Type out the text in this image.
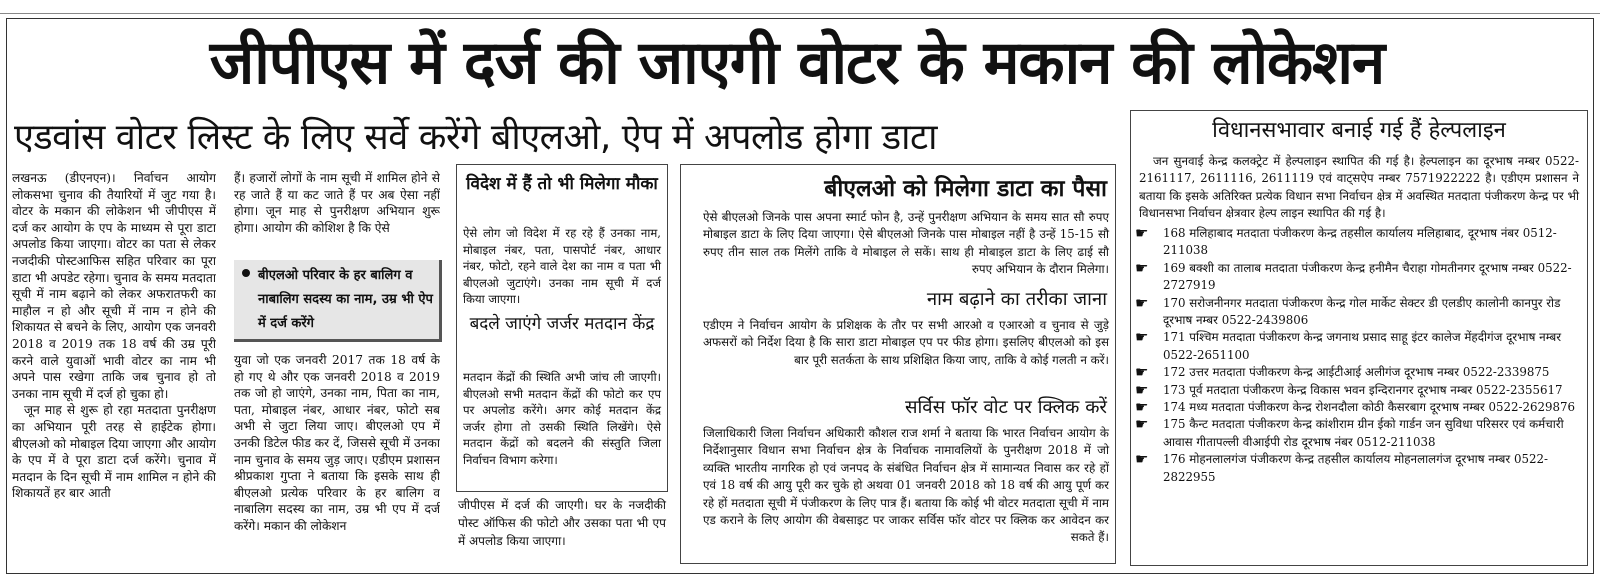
जीपीएस में दर्ज की जाएगी वोटर के मकान की लोकेशन
एडवांस वोटर लिस्ट के लिए सर्वे करेंगे बीएलओ, ऐप में अपलोड होगा डाटा

लखनऊ (डीएनएन)। निर्वाचन आयोग लोकसभा चुनाव की तैयारियों में जुट गया है। वोटर के मकान की लोकेशन भी जीपीएस में दर्ज कर आयोग के एप के माध्यम से पूरा डाटा अपलोड किया जाएगा। वोटर का पता से लेकर नजदीकी पोस्टआफिस सहित परिवार का पूरा डाटा भी अपडेट रहेगा। चुनाव के समय मतदाता सूची में नाम बढ़ाने को लेकर अफरातफरी का माहौल न हो और सूची में नाम न होने की शिकायत से बचने के लिए, आयोग एक जनवरी 2018 व 2019 तक 18 वर्ष की उम्र पूरी करने वाले युवाओं भावी वोटर का नाम भी अपने पास रखेगा ताकि जब चुनाव हो तो उनका नाम सूची में दर्ज हो चुका हो।

जून माह से शुरू हो रहा मतदाता पुनरीक्षण का अभियान पूरी तरह से हाईटेक होगा। बीएलओ को मोबाइल दिया जाएगा और आयोग के एप में वे पूरा डाटा दर्ज करेंगे। चुनाव में मतदान के दिन सूची में नाम शामिल न होने की शिकायतें हर बार आती

हैं। हजारों लोगों के नाम सूची में शामिल होने से रह जाते हैं या कट जाते हैं पर अब ऐसा नहीं होगा। जून माह से पुनरीक्षण अभियान शुरू होगा। आयोग की कोशिश है कि ऐसे

युवा जो एक जनवरी 2017 तक 18 वर्ष के हो गए थे और एक जनवरी 2018 व 2019 तक जो हो जाएंगे, उनका नाम, पिता का नाम, पता, मोबाइल नंबर, आधार नंबर, फोटो सब अभी से जुटा लिया जाए। बीएलओ एप में उनकी डिटेल फीड कर दें, जिससे सूची में उनका नाम चुनाव के समय जुड़ जाए। एडीएम प्रशासन श्रीप्रकाश गुप्ता ने बताया कि इसके साथ ही बीएलओ प्रत्येक परिवार के हर बालिग व नाबालिग सदस्य का नाम, उम्र भी एप में दर्ज करेंगे। मकान की लोकेशन

बीएलओ परिवार के हर बालिग व नाबालिग सदस्य का नाम, उम्र भी ऐप में दर्ज करेंगे
विदेश में हैं तो भी मिलेगा मौका
ऐसे लोग जो विदेश में रह रहे हैं उनका नाम, मोबाइल नंबर, पता, पासपोर्ट नंबर, आधार नंबर, फोटो, रहने वाले देश का नाम व पता भी बीएलओ जुटाएंगे। उनका नाम सूची में दर्ज किया जाएगा।
बदले जाएंगे जर्जर मतदान केंद्र
मतदान केंद्रों की स्थिति अभी जांच ली जाएगी। बीएलओ सभी मतदान केंद्रों की फोटो कर एप पर अपलोड करेंगे। अगर कोई मतदान केंद्र जर्जर होगा तो उसकी स्थिति लिखेंगे। ऐसे मतदान केंद्रों को बदलने की संस्तुति जिला निर्वाचन विभाग करेगा।
जीपीएस में दर्ज की जाएगी। घर के नजदीकी पोस्ट ऑफिस की फोटो और उसका पता भी एप में अपलोड किया जाएगा।
बीएलओ को मिलेगा डाटा का पैसा
ऐसे बीएलओ जिनके पास अपना स्मार्ट फोन है, उन्हें पुनरीक्षण अभियान के समय सात सौ रुपए मोबाइल डाटा के लिए दिया जाएगा। ऐसे बीएलओ जिनके पास मोबाइल नहीं है उन्हें 15-15 सौ रुपए तीन साल तक मिलेंगे ताकि वे मोबाइल ले सकें। साथ ही मोबाइल डाटा के लिए ढाई सौ रुपए अभियान के दौरान मिलेगा।
नाम बढ़ाने का तरीका जाना
एडीएम ने निर्वाचन आयोग के प्रशिक्षक के तौर पर सभी आरओ व एआरओ व चुनाव से जुड़े अफसरों को निर्देश दिया है कि सारा डाटा मोबाइल एप पर फीड होगा। इसलिए बीएलओ को इस बार पूरी सतर्कता के साथ प्रशिक्षित किया जाए, ताकि वे कोई गलती न करें।
सर्विस फॉर वोट पर क्लिक करें
जिलाधिकारी जिला निर्वाचन अधिकारी कौशल राज शर्मा ने बताया कि भारत निर्वाचन आयोग के निर्देशानुसार विधान सभा निर्वाचन क्षेत्र के निर्वाचक नामावलियों के पुनरीक्षण 2018 में जो व्यक्ति भारतीय नागरिक हो एवं जनपद के संबंधित निर्वाचन क्षेत्र में सामान्यत निवास कर रहे हों एवं 18 वर्ष की आयु पूरी कर चुके हो अथवा 01 जनवरी 2018 को 18 वर्ष की आयु पूर्ण कर रहे हों मतदाता सूची में पंजीकरण के लिए पात्र हैं। बताया कि कोई भी वोटर मतदाता सूची में नाम एड कराने के लिए आयोग की वेबसाइट पर जाकर सर्विस फॉर वोटर पर क्लिक कर आवेदन कर सकते हैं।
विधानसभावार बनाई गई हैं हेल्पलाइन
जन सुनवाई केन्द्र कलक्ट्रेट में हेल्पलाइन स्थापित की गई है। हेल्पलाइन का दूरभाष नम्बर 0522-2161117, 2611116, 2611119 एवं वाट्सऐप नम्बर 7571922222 है। एडीएम प्रशासन ने बताया कि इसके अतिरिक्त प्रत्येक विधान सभा निर्वाचन क्षेत्र में अवस्थित मतदाता पंजीकरण केन्द्र पर भी विधानसभा निर्वाचन क्षेत्रवार हेल्प लाइन स्थापित की गई है।
☛ 168 मलिहाबाद मतदाता पंजीकरण केन्द्र तहसील कार्यालय मलिहाबाद, दूरभाष नंबर 0512-211038
☛ 169 बक्शी का तालाब मतदाता पंजीकरण केन्द्र हनीमैन चैराहा गोमतीनगर दूरभाष नम्बर 0522-2727919
☛ 170 सरोजनीनगर मतदाता पंजीकरण केन्द्र गोल मार्केट सेक्टर डी एलडीए कालोनी कानपुर रोड दूरभाष नम्बर 0522-2439806
☛ 171 पश्चिम मतदाता पंजीकरण केन्द्र जगनाथ प्रसाद साहू इंटर कालेज मेंहदीगंज दूरभाष नम्बर 0522-2651100
☛ 172 उत्तर मतदाता पंजीकरण केन्द्र आईटीआई अलीगंज दूरभाष नम्बर 0522-2339875
☛ 173 पूर्व मतदाता पंजीकरण केन्द्र विकास भवन इन्दिरानगर दूरभाष नम्बर 0522-2355617
☛ 174 मध्य मतदाता पंजीकरण केन्द्र रोशनदौला कोठी कैसरबाग दूरभाष नम्बर 0522-2629876
☛ 175 कैन्ट मतदाता पंजीकरण केन्द्र कांशीराम ग्रीन ईको गार्डन जन सुविधा परिसरर एवं कर्मचारी आवास गीतापल्ली वीआईपी रोड दूरभाष नंबर 0512-211038
☛ 176 मोहनलालगंज पंजीकरण केन्द्र तहसील कार्यालय मोहनलालगंज दूरभाष नम्बर 0522-2822955
